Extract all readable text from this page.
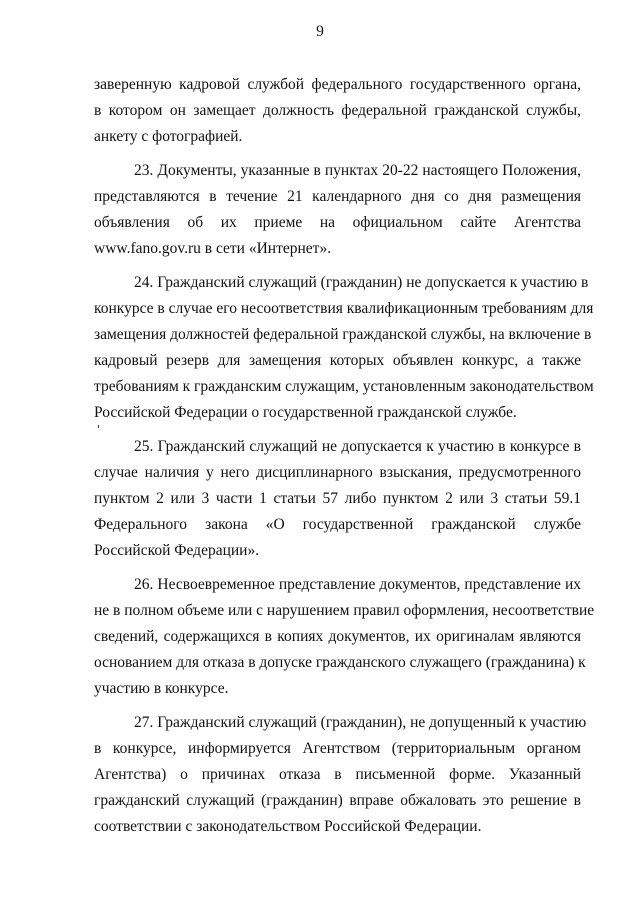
9
заверенную кадровой службой федерального государственного органа,
в котором он замещает должность федеральной гражданской службы,
анкету с фотографией.
23. Документы, указанные в пунктах 20-22 настоящего Положения,
представляются в течение 21 календарного дня со дня размещения
объявления об их приеме на официальном сайте Агентства
www.fano.gov.ru в сети «Интернет».
24. Гражданский служащий (гражданин) не допускается к участию в
конкурсе в случае его несоответствия квалификационным требованиям для
замещения должностей федеральной гражданской службы, на включение в
кадровый резерв для замещения которых объявлен конкурс, а также
требованиям к гражданским служащим, установленным законодательством
Российской Федерации о государственной гражданской службе.
25. Гражданский служащий не допускается к участию в конкурсе в
случае наличия у него дисциплинарного взыскания, предусмотренного
пунктом 2 или 3 части 1 статьи 57 либо пунктом 2 или 3 статьи 59.1
Федерального закона «О государственной гражданской службе
Российской Федерации».
26. Несвоевременное представление документов, представление их
не в полном объеме или с нарушением правил оформления, несоответствие
сведений, содержащихся в копиях документов, их оригиналам являются
основанием для отказа в допуске гражданского служащего (гражданина) к
участию в конкурсе.
27. Гражданский служащий (гражданин), не допущенный к участию
в конкурсе, информируется Агентством (территориальным органом
Агентства) о причинах отказа в письменной форме. Указанный
гражданский служащий (гражданин) вправе обжаловать это решение в
соответствии с законодательством Российской Федерации.
